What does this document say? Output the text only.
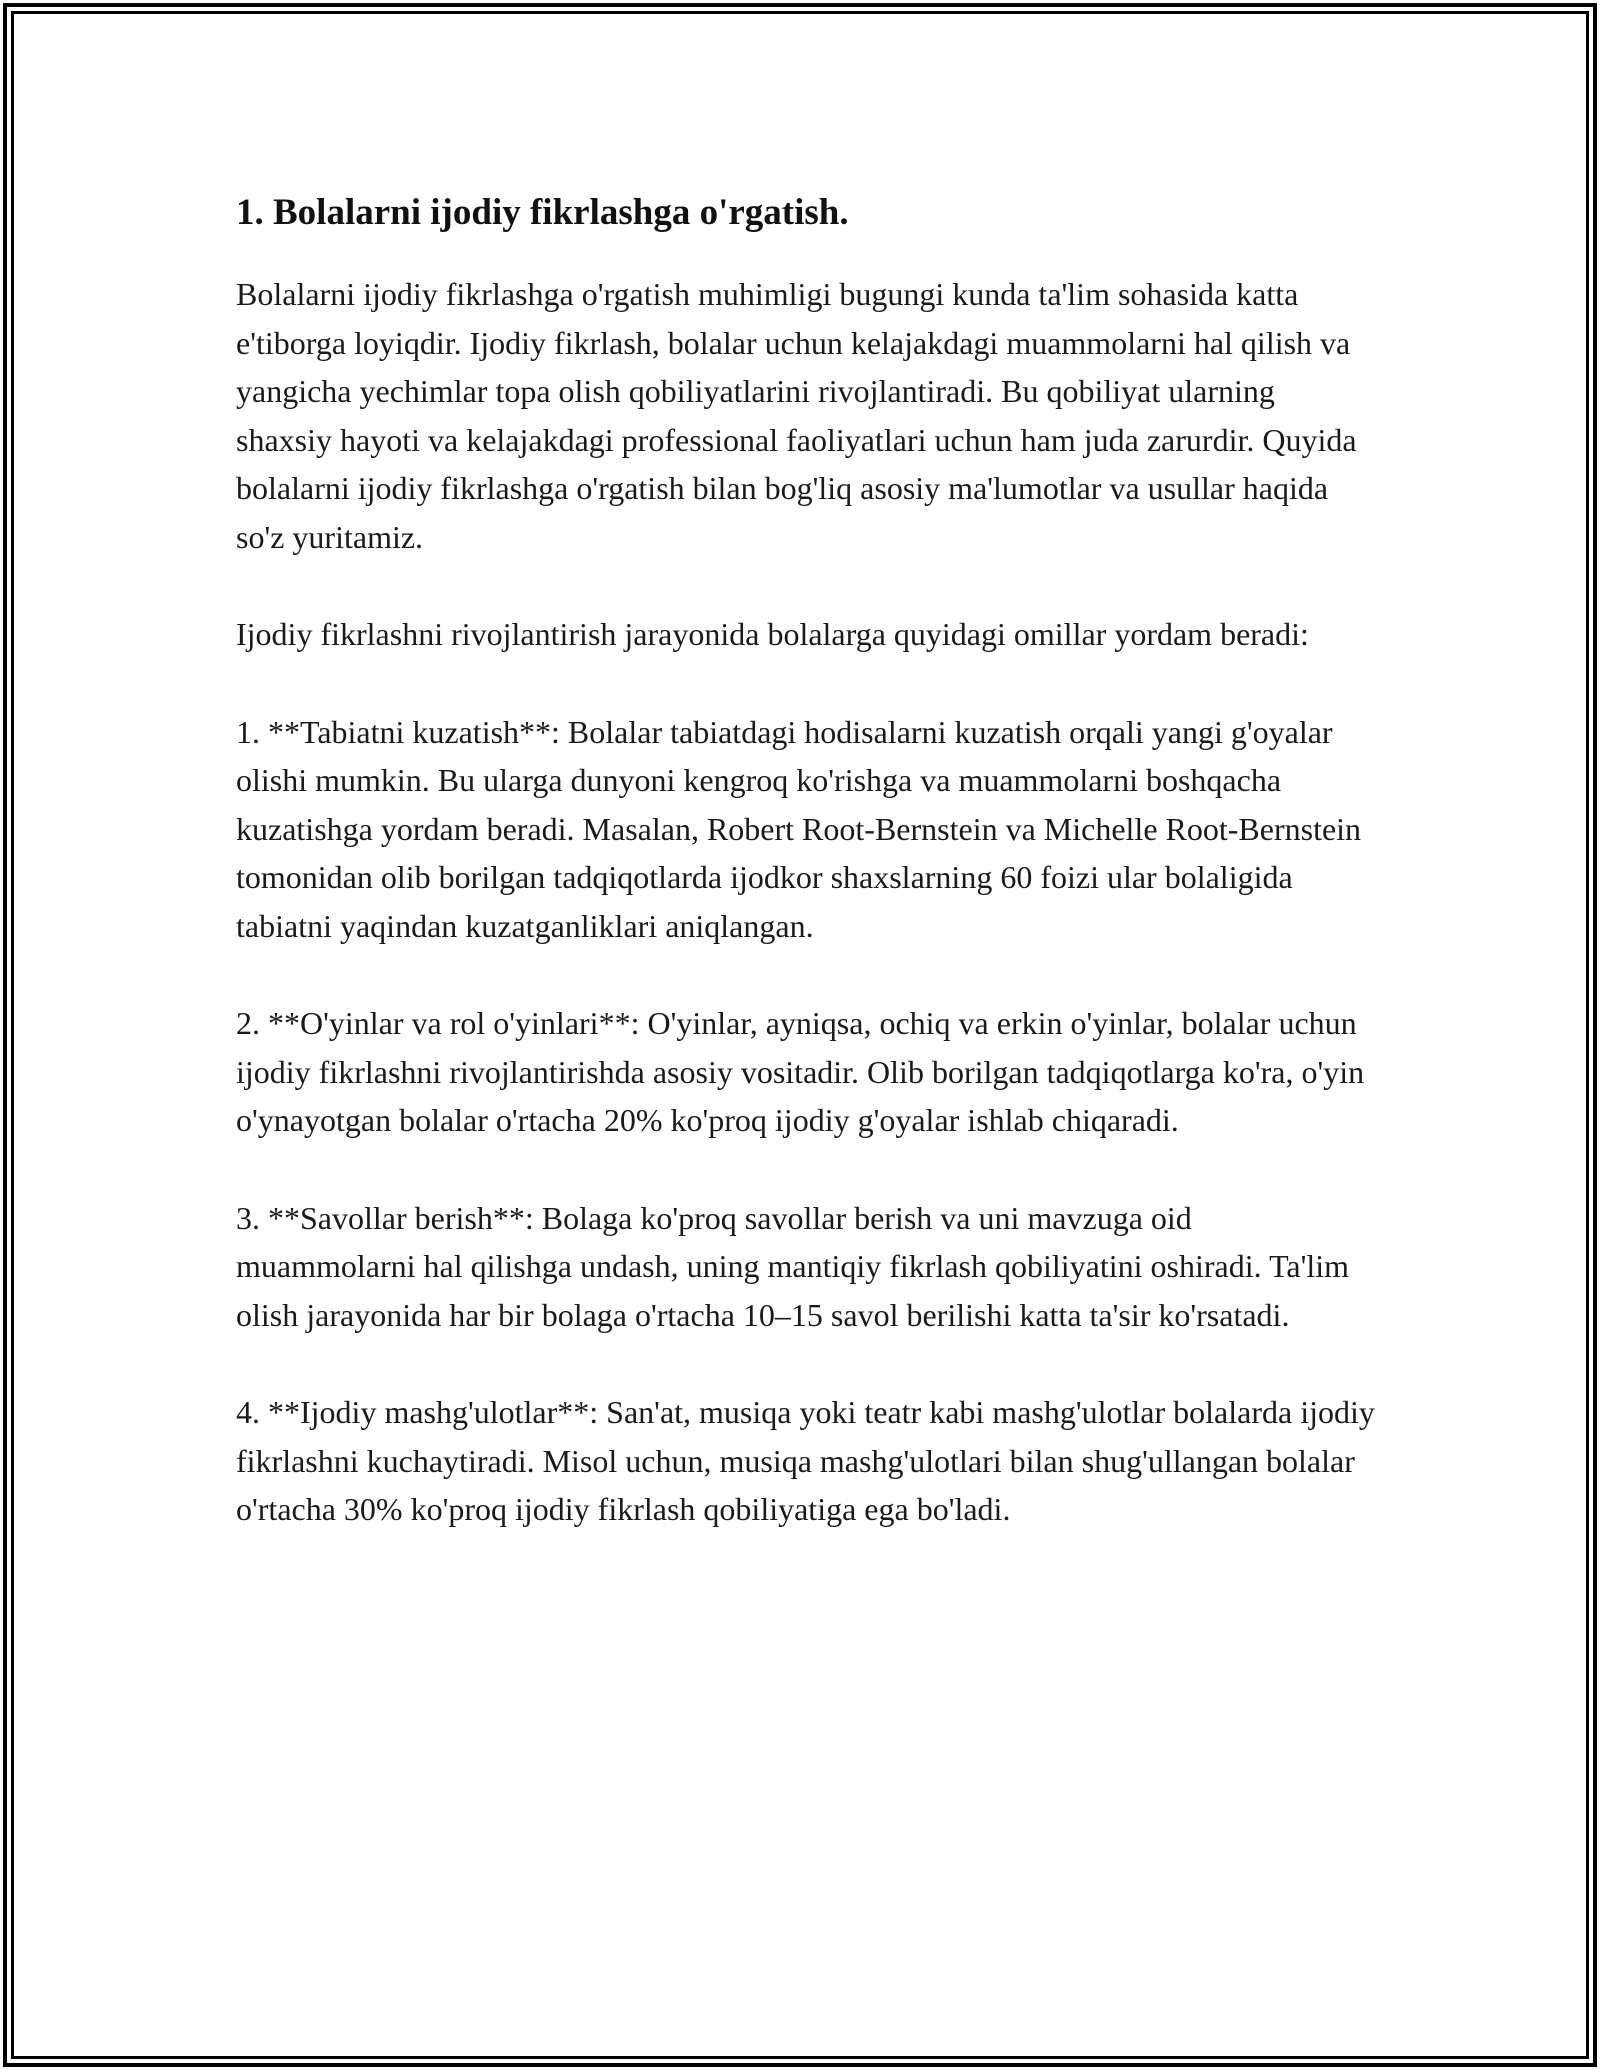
1. Bolalarni ijodiy fikrlashga o'rgatish.

Bolalarni ijodiy fikrlashga o'rgatish muhimligi bugungi kunda ta'lim sohasida katta e'tiborga loyiqdir. Ijodiy fikrlash, bolalar uchun kelajakdagi muammolarni hal qilish va yangicha yechimlar topa olish qobiliyatlarini rivojlantiradi. Bu qobiliyat ularning shaxsiy hayoti va kelajakdagi professional faoliyatlari uchun ham juda zarurdir. Quyida bolalarni ijodiy fikrlashga o'rgatish bilan bog'liq asosiy ma'lumotlar va usullar haqida so'z yuritamiz.

Ijodiy fikrlashni rivojlantirish jarayonida bolalarga quyidagi omillar yordam beradi:

1. **Tabiatni kuzatish**: Bolalar tabiatdagi hodisalarni kuzatish orqali yangi g'oyalar olishi mumkin. Bu ularga dunyoni kengroq ko'rishga va muammolarni boshqacha kuzatishga yordam beradi. Masalan, Robert Root-Bernstein va Michelle Root-Bernstein tomonidan olib borilgan tadqiqotlarda ijodkor shaxslarning 60 foizi ular bolaligida tabiatni yaqindan kuzatganliklari aniqlangan.

2. **O'yinlar va rol o'yinlari**: O'yinlar, ayniqsa, ochiq va erkin o'yinlar, bolalar uchun ijodiy fikrlashni rivojlantirishda asosiy vositadir. Olib borilgan tadqiqotlarga ko'ra, o'yin o'ynayotgan bolalar o'rtacha 20% ko'proq ijodiy g'oyalar ishlab chiqaradi.

3. **Savollar berish**: Bolaga ko'proq savollar berish va uni mavzuga oid muammolarni hal qilishga undash, uning mantiqiy fikrlash qobiliyatini oshiradi. Ta'lim olish jarayonida har bir bolaga o'rtacha 10–15 savol berilishi katta ta'sir ko'rsatadi.

4. **Ijodiy mashg'ulotlar**: San'at, musiqa yoki teatr kabi mashg'ulotlar bolalarda ijodiy fikrlashni kuchaytiradi. Misol uchun, musiqa mashg'ulotlari bilan shug'ullangan bolalar o'rtacha 30% ko'proq ijodiy fikrlash qobiliyatiga ega bo'ladi.
